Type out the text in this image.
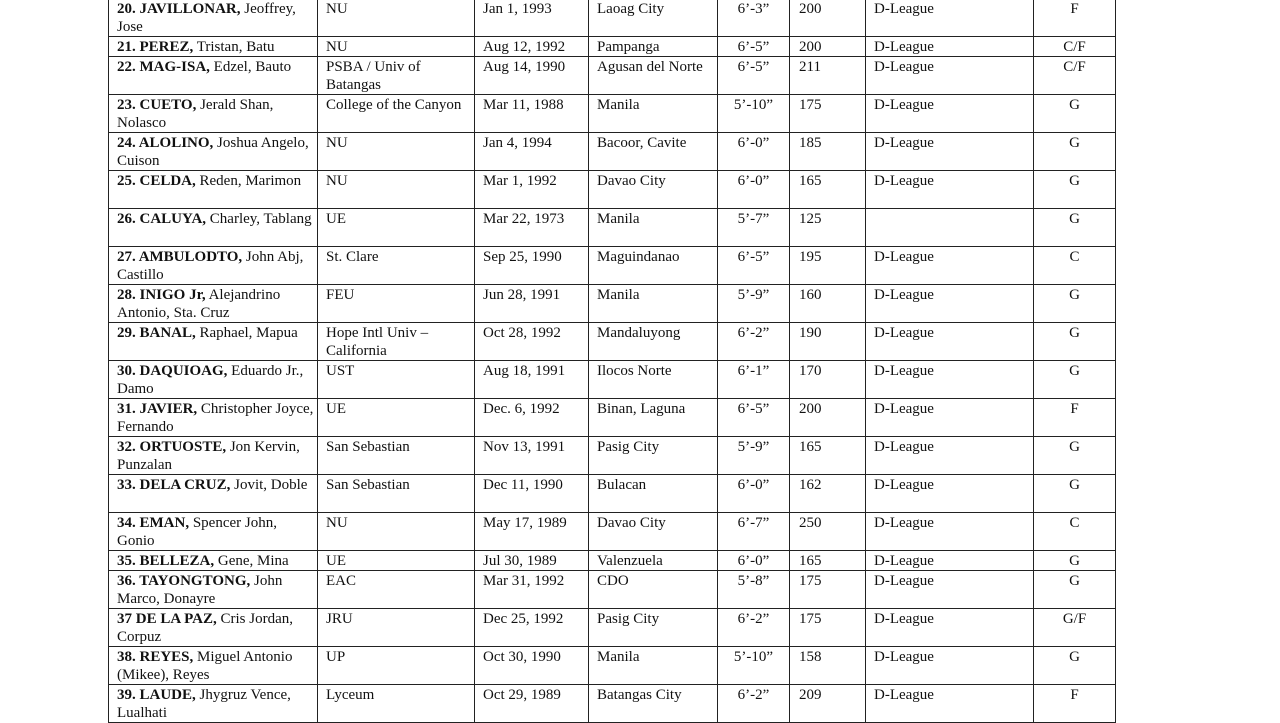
20. JAVILLONAR, Jeoffrey, Jose	NU	Jan 1, 1993	Laoag City	6’-3”	200	D-League	F
21. PEREZ, Tristan, Batu	NU	Aug 12, 1992	Pampanga	6’-5”	200	D-League	C/F
22. MAG-ISA, Edzel, Bauto	PSBA / Univ of Batangas	Aug 14, 1990	Agusan del Norte	6’-5”	211	D-League	C/F
23. CUETO, Jerald Shan, Nolasco	College of the Canyon	Mar 11, 1988	Manila	5’-10”	175	D-League	G
24. ALOLINO, Joshua Angelo, Cuison	NU	Jan 4, 1994	Bacoor, Cavite	6’-0”	185	D-League	G
25. CELDA, Reden, Marimon	NU	Mar 1, 1992	Davao City	6’-0”	165	D-League	G
26. CALUYA, Charley, Tablang	UE	Mar 22, 1973	Manila	5’-7”	125		G
27. AMBULODTO, John Abj, Castillo	St. Clare	Sep 25, 1990	Maguindanao	6’-5”	195	D-League	C
28. INIGO Jr, Alejandrino Antonio, Sta. Cruz	FEU	Jun 28, 1991	Manila	5’-9”	160	D-League	G
29. BANAL, Raphael, Mapua	Hope Intl Univ – California	Oct 28, 1992	Mandaluyong	6’-2”	190	D-League	G
30. DAQUIOAG, Eduardo Jr., Damo	UST	Aug 18, 1991	Ilocos Norte	6’-1”	170	D-League	G
31. JAVIER, Christopher Joyce, Fernando	UE	Dec. 6, 1992	Binan, Laguna	6’-5”	200	D-League	F
32. ORTUOSTE, Jon Kervin, Punzalan	San Sebastian	Nov 13, 1991	Pasig City	5’-9”	165	D-League	G
33. DELA CRUZ, Jovit, Doble	San Sebastian	Dec 11, 1990	Bulacan	6’-0”	162	D-League	G
34. EMAN, Spencer John, Gonio	NU	May 17, 1989	Davao City	6’-7”	250	D-League	C
35. BELLEZA, Gene, Mina	UE	Jul 30, 1989	Valenzuela	6’-0”	165	D-League	G
36. TAYONGTONG, John Marco, Donayre	EAC	Mar 31, 1992	CDO	5’-8”	175	D-League	G
37 DE LA PAZ, Cris Jordan, Corpuz	JRU	Dec 25, 1992	Pasig City	6’-2”	175	D-League	G/F
38. REYES, Miguel Antonio (Mikee), Reyes	UP	Oct 30, 1990	Manila	5’-10”	158	D-League	G
39. LAUDE, Jhygruz Vence, Lualhati	Lyceum	Oct 29, 1989	Batangas City	6’-2”	209	D-League	F
